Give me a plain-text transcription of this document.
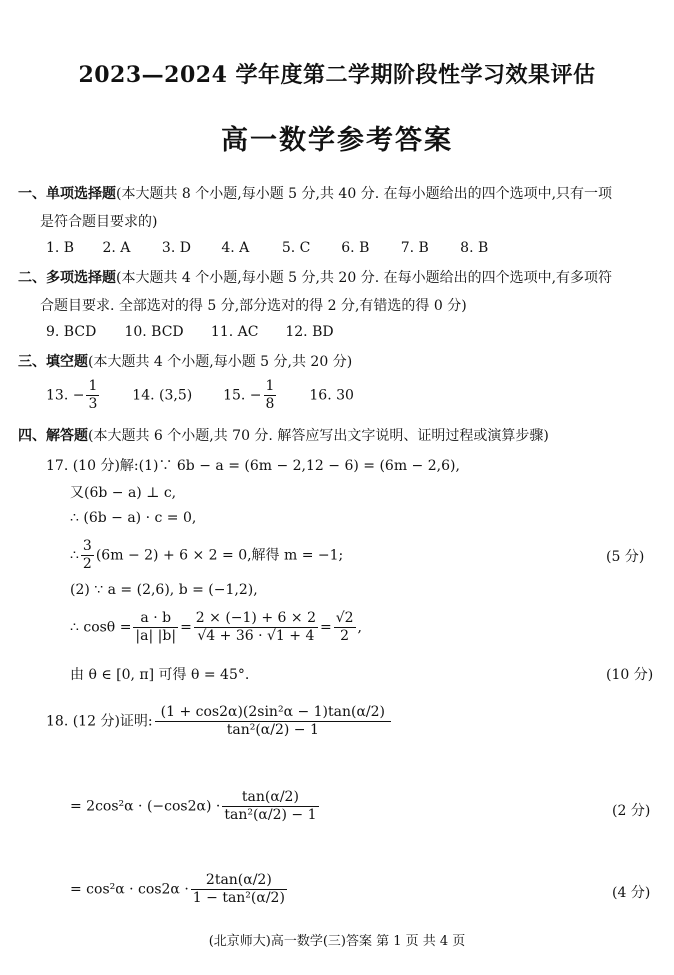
2023—2024 学年度第二学期阶段性学习效果评估
高一数学参考答案
一、单项选择题(本大题共 8 个小题,每小题 5 分,共 40 分. 在每小题给出的四个选项中,只有一项
是符合题目要求的)
1. B 2. A 3. D 4. A 5. C 6. B 7. B 8. B
二、多项选择题(本大题共 4 个小题,每小题 5 分,共 20 分. 在每小题给出的四个选项中,有多项符
合题目要求. 全部选对的得 5 分,部分选对的得 2 分,有错选的得 0 分)
9. BCD 10. BCD 11. AC 12. BD
三、填空题(本大题共 4 个小题,每小题 5 分,共 20 分)
13. − $\frac{1}{3} 14$. (3,5) 15. − $\frac{1}{8} 16$. 30
四、解答题(本大题共 6 个小题,共 70 分. 解答应写出文字说明、证明过程或演算步骤)
17. (10 分)解:(1)∵ 6b − a = (6m − 2,12 − 6) = (6m − 2,6),
又(6b − a) ⊥ c,
∴ (6b − a) · c = 0,
∴ $\frac{3}{2} (6m - 2) + 6 \times 2 = 0$,解得 m = −1;	(5 分)
(2) ∵ a = (2,6), b = (−1,2),
∴ $\cos\theta = \frac{a \cdot b}{|a| |b|} = \frac{2 \times (-1) + 6 \times 2}{√4 + 36 \cdot √1 + 4} = \frac{√2}{2}$ ,
由 θ ∈ [0, π] 可得 θ = 45°.	(10 分)
18. (12 分)证明: $\frac{\text{(1 + cos2α)(2sin²α − 1)tan(α/2)}}{\text{tan²(α/2) − 1}}$
= $2\cos^2\alpha \cdot (-\cos 2\alpha) \cdot \frac{\tan(\alpha/2)}{\text{tan²(α/2) − 1}}$	(2 分)
= $\cos^2\alpha \cdot \cos 2\alpha \cdot \frac{2\tan(\alpha/2)}{\text{1 − tan²(α/2)}}$	(4 分)
(北京师大)高一数学(三)答案 第 1 页 共 4 页
